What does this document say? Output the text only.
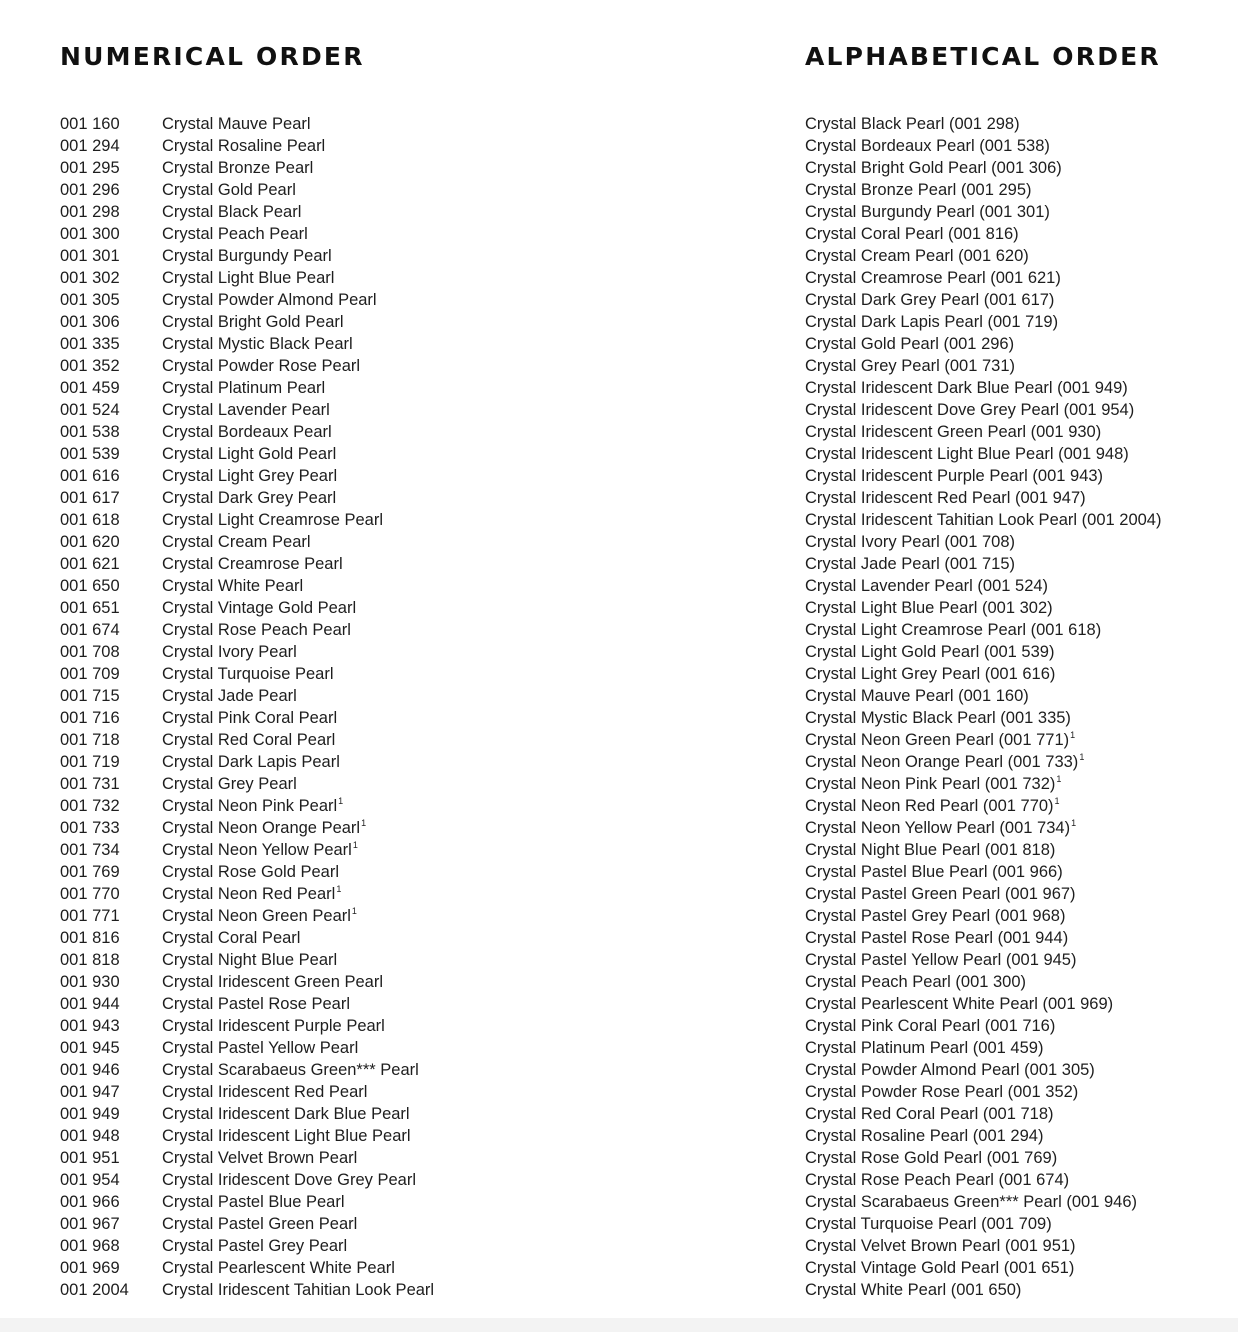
NUMERICAL ORDER
001 160	Crystal Mauve Pearl
001 294	Crystal Rosaline Pearl
001 295	Crystal Bronze Pearl
001 296	Crystal Gold Pearl
001 298	Crystal Black Pearl
001 300	Crystal Peach Pearl
001 301	Crystal Burgundy Pearl
001 302	Crystal Light Blue Pearl
001 305	Crystal Powder Almond Pearl
001 306	Crystal Bright Gold Pearl
001 335	Crystal Mystic Black Pearl
001 352	Crystal Powder Rose Pearl
001 459	Crystal Platinum Pearl
001 524	Crystal Lavender Pearl
001 538	Crystal Bordeaux Pearl
001 539	Crystal Light Gold Pearl
001 616	Crystal Light Grey Pearl
001 617	Crystal Dark Grey Pearl
001 618	Crystal Light Creamrose Pearl
001 620	Crystal Cream Pearl
001 621	Crystal Creamrose Pearl
001 650	Crystal White Pearl
001 651	Crystal Vintage Gold Pearl
001 674	Crystal Rose Peach Pearl
001 708	Crystal Ivory Pearl
001 709	Crystal Turquoise Pearl
001 715	Crystal Jade Pearl
001 716	Crystal Pink Coral Pearl
001 718	Crystal Red Coral Pearl
001 719	Crystal Dark Lapis Pearl
001 731	Crystal Grey Pearl
001 732	Crystal Neon Pink Pearl$^1$
001 733	Crystal Neon Orange Pearl$^1$
001 734	Crystal Neon Yellow Pearl$^1$
001 769	Crystal Rose Gold Pearl
001 770	Crystal Neon Red Pearl$^1$
001 771	Crystal Neon Green Pearl$^1$
001 816	Crystal Coral Pearl
001 818	Crystal Night Blue Pearl
001 930	Crystal Iridescent Green Pearl
001 944	Crystal Pastel Rose Pearl
001 943	Crystal Iridescent Purple Pearl
001 945	Crystal Pastel Yellow Pearl
001 946	Crystal Scarabaeus Green*** Pearl
001 947	Crystal Iridescent Red Pearl
001 949	Crystal Iridescent Dark Blue Pearl
001 948	Crystal Iridescent Light Blue Pearl
001 951	Crystal Velvet Brown Pearl
001 954	Crystal Iridescent Dove Grey Pearl
001 966	Crystal Pastel Blue Pearl
001 967	Crystal Pastel Green Pearl
001 968	Crystal Pastel Grey Pearl
001 969	Crystal Pearlescent White Pearl
001 2004 Crystal Iridescent Tahitian Look Pearl
ALPHABETICAL ORDER
Crystal Black Pearl (001 298)
Crystal Bordeaux Pearl (001 538)
Crystal Bright Gold Pearl (001 306)
Crystal Bronze Pearl (001 295)
Crystal Burgundy Pearl (001 301)
Crystal Coral Pearl (001 816)
Crystal Cream Pearl (001 620)
Crystal Creamrose Pearl (001 621)
Crystal Dark Grey Pearl (001 617)
Crystal Dark Lapis Pearl (001 719)
Crystal Gold Pearl (001 296)
Crystal Grey Pearl (001 731)
Crystal Iridescent Dark Blue Pearl (001 949)
Crystal Iridescent Dove Grey Pearl (001 954)
Crystal Iridescent Green Pearl (001 930)
Crystal Iridescent Light Blue Pearl (001 948)
Crystal Iridescent Purple Pearl (001 943)
Crystal Iridescent Red Pearl (001 947)
Crystal Iridescent Tahitian Look Pearl (001 2004)
Crystal Ivory Pearl (001 708)
Crystal Jade Pearl (001 715)
Crystal Lavender Pearl (001 524)
Crystal Light Blue Pearl (001 302)
Crystal Light Creamrose Pearl (001 618)
Crystal Light Gold Pearl (001 539)
Crystal Light Grey Pearl (001 616)
Crystal Mauve Pearl (001 160)
Crystal Mystic Black Pearl (001 335)
Crystal Neon Green Pearl (001 771)$^1$
Crystal Neon Orange Pearl (001 733)$^1$
Crystal Neon Pink Pearl (001 732)$^1$
Crystal Neon Red Pearl (001 770)$^1$
Crystal Neon Yellow Pearl (001 734)$^1$
Crystal Night Blue Pearl (001 818)
Crystal Pastel Blue Pearl (001 966)
Crystal Pastel Green Pearl (001 967)
Crystal Pastel Grey Pearl (001 968)
Crystal Pastel Rose Pearl (001 944)
Crystal Pastel Yellow Pearl (001 945)
Crystal Peach Pearl (001 300)
Crystal Pearlescent White Pearl (001 969)
Crystal Pink Coral Pearl (001 716)
Crystal Platinum Pearl (001 459)
Crystal Powder Almond Pearl (001 305)
Crystal Powder Rose Pearl (001 352)
Crystal Red Coral Pearl (001 718)
Crystal Rosaline Pearl (001 294)
Crystal Rose Gold Pearl (001 769)
Crystal Rose Peach Pearl (001 674)
Crystal Scarabaeus Green*** Pearl (001 946)
Crystal Turquoise Pearl (001 709)
Crystal Velvet Brown Pearl (001 951)
Crystal Vintage Gold Pearl (001 651)
Crystal White Pearl (001 650)
